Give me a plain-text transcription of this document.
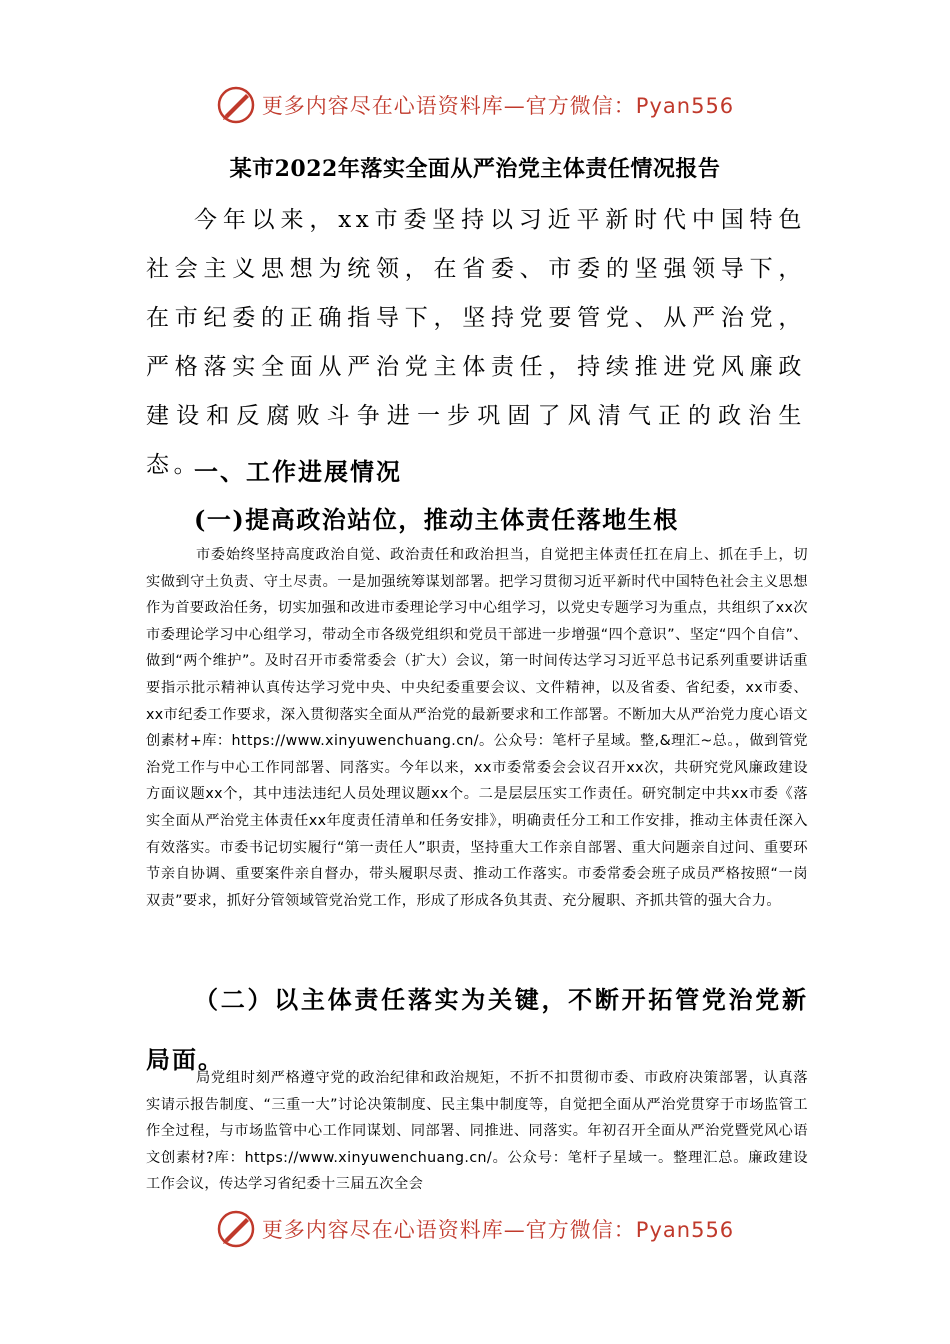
更多内容尽在心语资料库—官方微信：Pyan556
某市2022年落实全面从严治党主体责任情况报告

今年以来，xx市委坚持以习近平新时代中国特色社会主义思想为统领，在省委、市委的坚强领导下，在市纪委的正确指导下，坚持党要管党、从严治党，严格落实全面从严治党主体责任，持续推进党风廉政建设和反腐败斗争进一步巩固了风清气正的政治生态。

一、工作进展情况

(一)提高政治站位，推动主体责任落地生根

市委始终坚持高度政治自觉、政治责任和政治担当，自觉把主体责任扛在肩上、抓在手上，切实做到守土负责、守土尽责。一是加强统筹谋划部署。把学习贯彻习近平新时代中国特色社会主义思想作为首要政治任务，切实加强和改进市委理论学习中心组学习，以党史专题学习为重点，共组织了xx次市委理论学习中心组学习，带动全市各级党组织和党员干部进一步增强“四个意识”、坚定“四个自信”、做到“两个维护”。及时召开市委常委会（扩大）会议，第一时间传达学习习近平总书记系列重要讲话重要指示批示精神认真传达学习党中央、中央纪委重要会议、文件精神，以及省委、省纪委，xx市委、xx市纪委工作要求，深入贯彻落实全面从严治党的最新要求和工作部署。不断加大从严治党力度心语文创素材+库：https://www.xinyuwenchuang.cn/。公众号：笔杆子星域。整,&理汇~总。，做到管党治党工作与中心工作同部署、同落实。今年以来，xx市委常委会会议召开xx次，共研究党风廉政建设方面议题xx个，其中违法违纪人员处理议题xx个。二是层层压实工作责任。研究制定中共xx市委《落实全面从严治党主体责任xx年度责任清单和任务安排》，明确责任分工和工作安排，推动主体责任深入有效落实。市委书记切实履行“第一责任人”职责，坚持重大工作亲自部署、重大问题亲自过问、重要环节亲自协调、重要案件亲自督办，带头履职尽责、推动工作落实。市委常委会班子成员严格按照“一岗双责”要求，抓好分管领域管党治党工作，形成了形成各负其责、充分履职、齐抓共管的强大合力。

（二）以主体责任落实为关键，不断开拓管党治党新局面。

局党组时刻严格遵守党的政治纪律和政治规矩，不折不扣贯彻市委、市政府决策部署，认真落实请示报告制度、“三重一大”讨论决策制度、民主集中制度等，自觉把全面从严治党贯穿于市场监管工作全过程，与市场监管中心工作同谋划、同部署、同推进、同落实。年初召开全面从严治党暨党风心语文创素材?库：https://www.xinyuwenchuang.cn/。公众号：笔杆子星域一。整理汇总。廉政建设工作会议，传达学习省纪委十三届五次全会

更多内容尽在心语资料库—官方微信：Pyan556
